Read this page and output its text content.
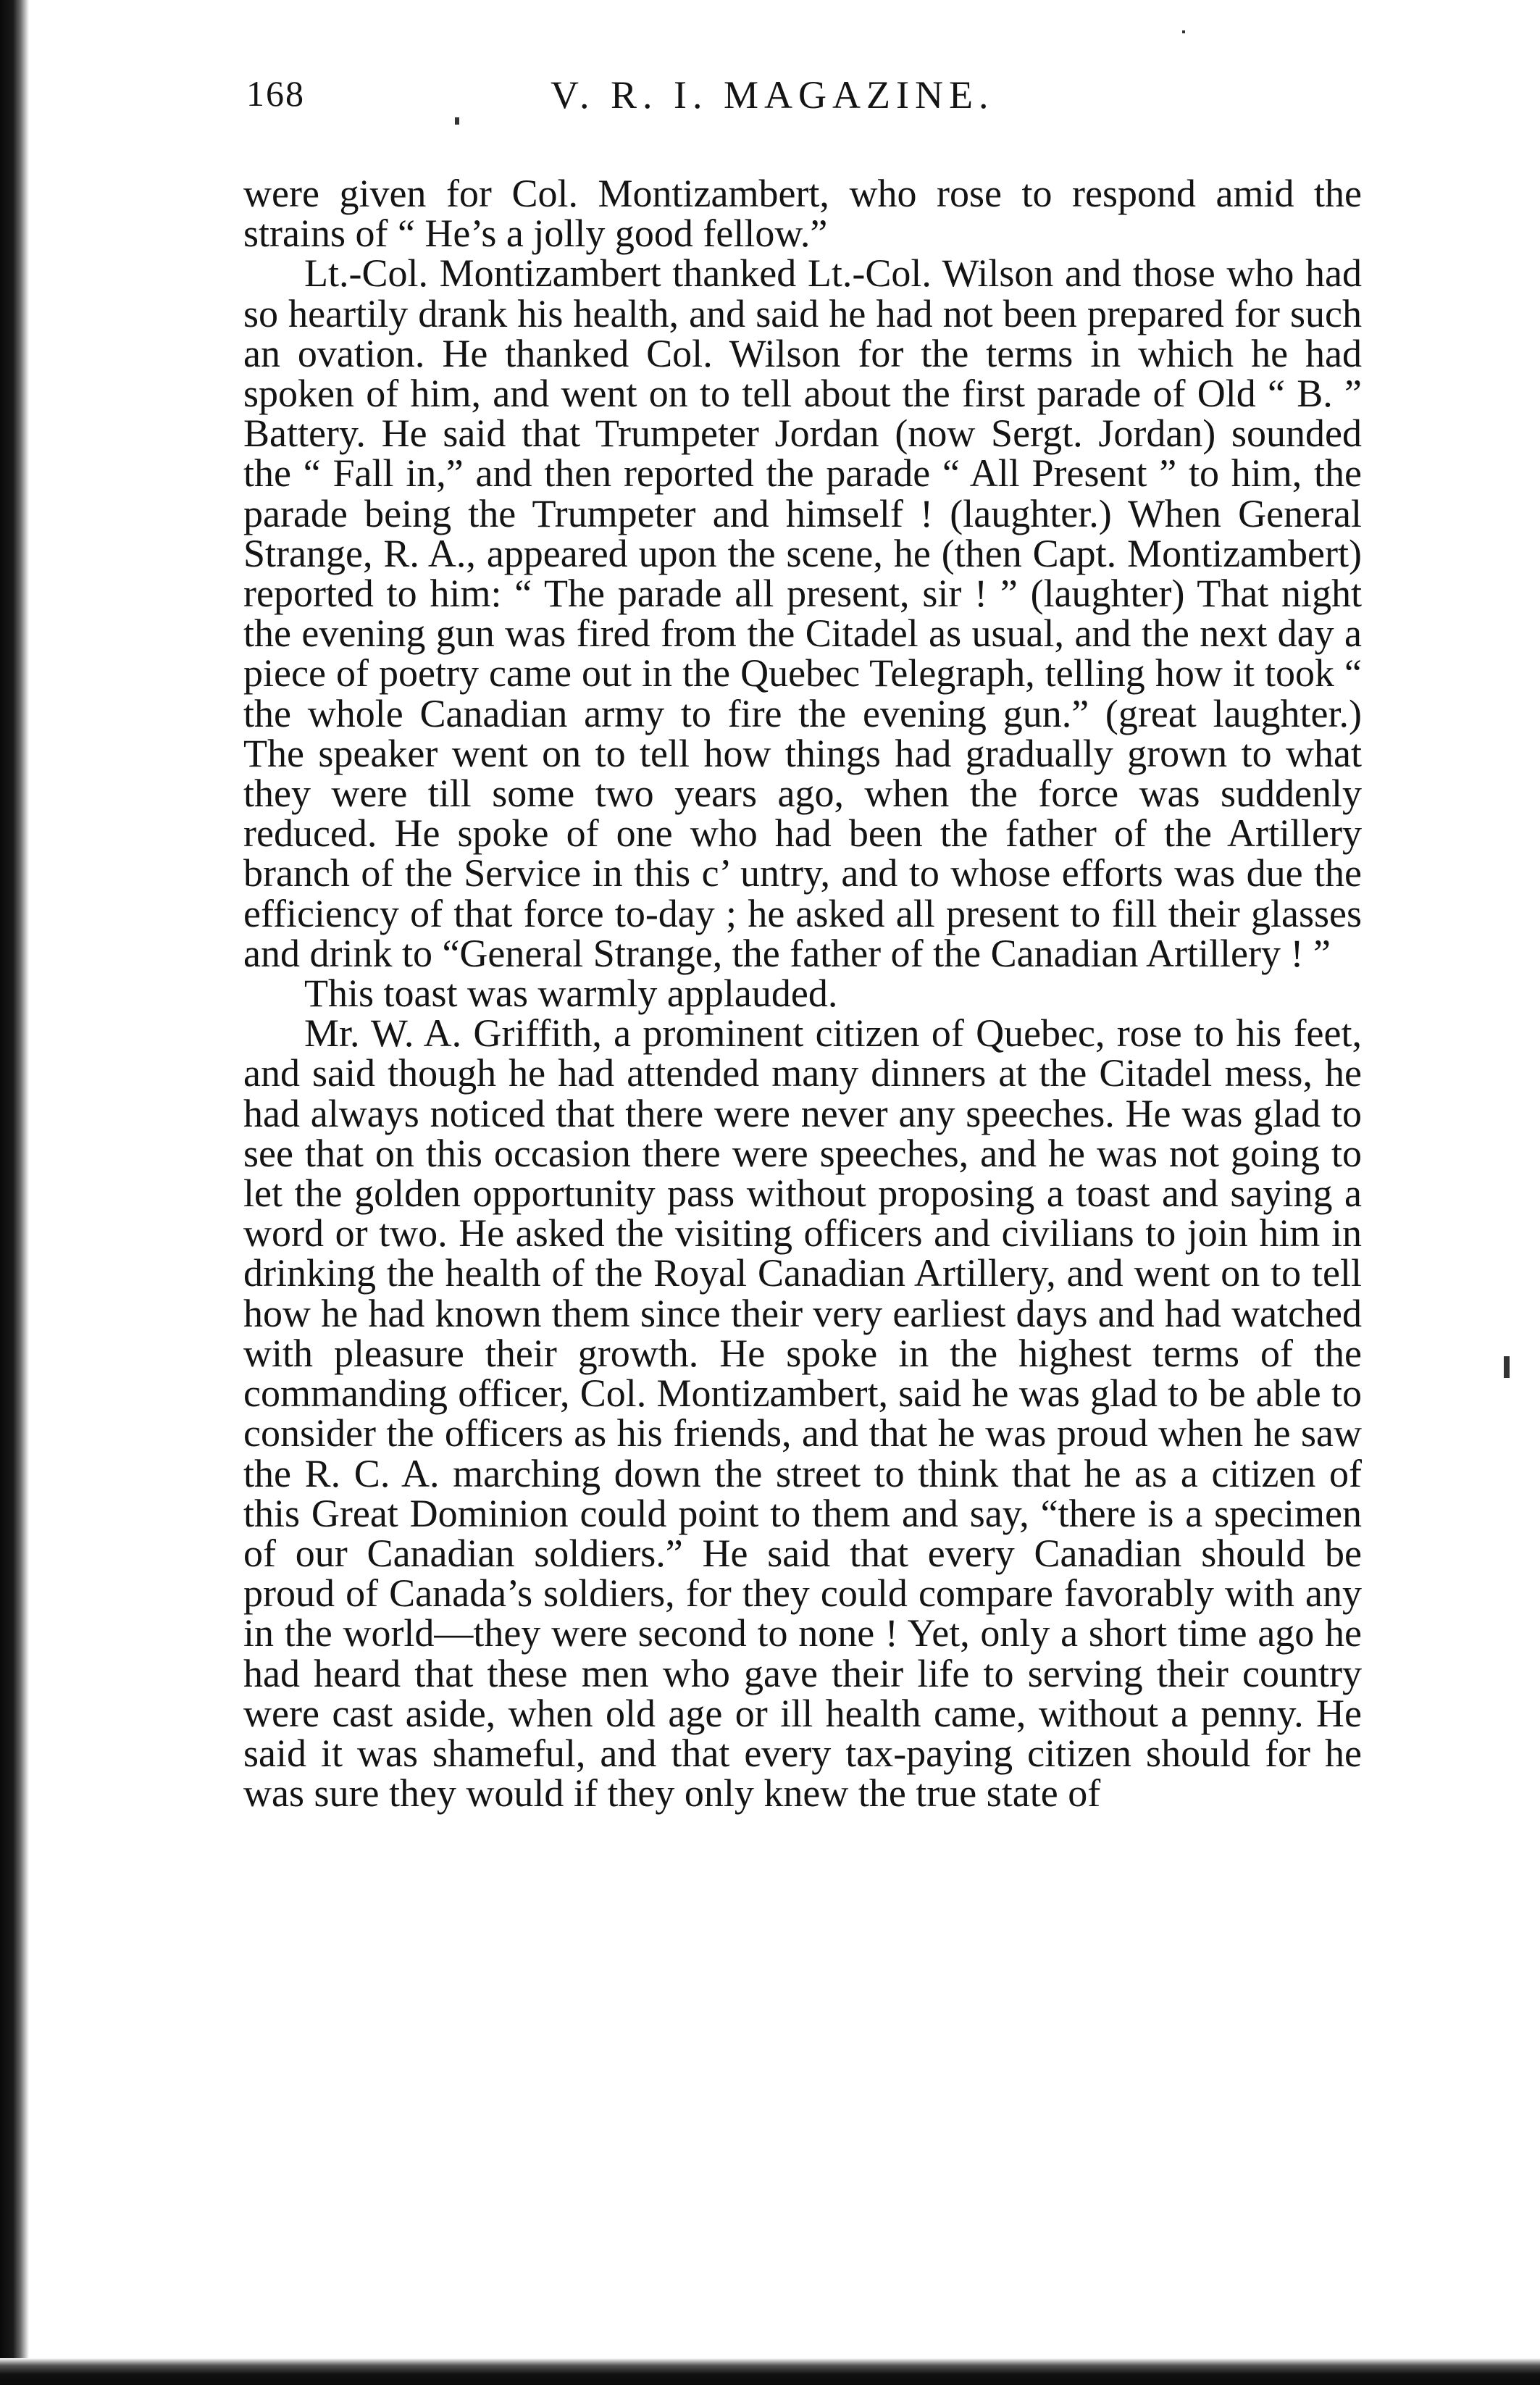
168	V. R. I. MAGAZINE.

were given for Col. Montizambert, who rose to respond amid the strains of “ He’s a jolly good fellow.”

Lt.-Col. Montizambert thanked Lt.-Col. Wilson and those who had so heartily drank his health, and said he had not been prepared for such an ovation. He thanked Col. Wilson for the terms in which he had spoken of him, and went on to tell about the first parade of Old “ B. ” Battery. He said that Trumpeter Jordan (now Sergt. Jordan) sounded the “ Fall in,” and then reported the parade “ All Present ” to him, the parade being the Trumpeter and himself ! (laughter.) When General Strange, R. A., appeared upon the scene, he (then Capt. Montizambert) reported to him: “ The parade all present, sir ! ” (laughter) That night the evening gun was fired from the Citadel as usual, and the next day a piece of poetry came out in the Quebec Telegraph, telling how it took “ the whole Canadian army to fire the evening gun.” (great laughter.) The speaker went on to tell how things had gradually grown to what they were till some two years ago, when the force was suddenly reduced. He spoke of one who had been the father of the Artillery branch of the Service in this c’ untry, and to whose efforts was due the efficiency of that force to-day ; he asked all present to fill their glasses and drink to “General Strange, the father of the Canadian Artillery ! ”

This toast was warmly applauded.

Mr. W. A. Griffith, a prominent citizen of Quebec, rose to his feet, and said though he had attended many dinners at the Citadel mess, he had always noticed that there were never any speeches. He was glad to see that on this occasion there were speeches, and he was not going to let the golden opportunity pass without proposing a toast and saying a word or two. He asked the visiting officers and civilians to join him in drinking the health of the Royal Canadian Artillery, and went on to tell how he had known them since their very earliest days and had watched with pleasure their growth. He spoke in the highest terms of the commanding officer, Col. Montizambert, said he was glad to be able to consider the officers as his friends, and that he was proud when he saw the R. C. A. marching down the street to think that he as a citizen of this Great Dominion could point to them and say, “there is a specimen of our Canadian soldiers.” He said that every Canadian should be proud of Canada’s soldiers, for they could compare favorably with any in the world—they were second to none ! Yet, only a short time ago he had heard that these men who gave their life to serving their country were cast aside, when old age or ill health came, without a penny. He said it was shameful, and that every tax-paying citizen should for he was sure they would if they only knew the true state of
